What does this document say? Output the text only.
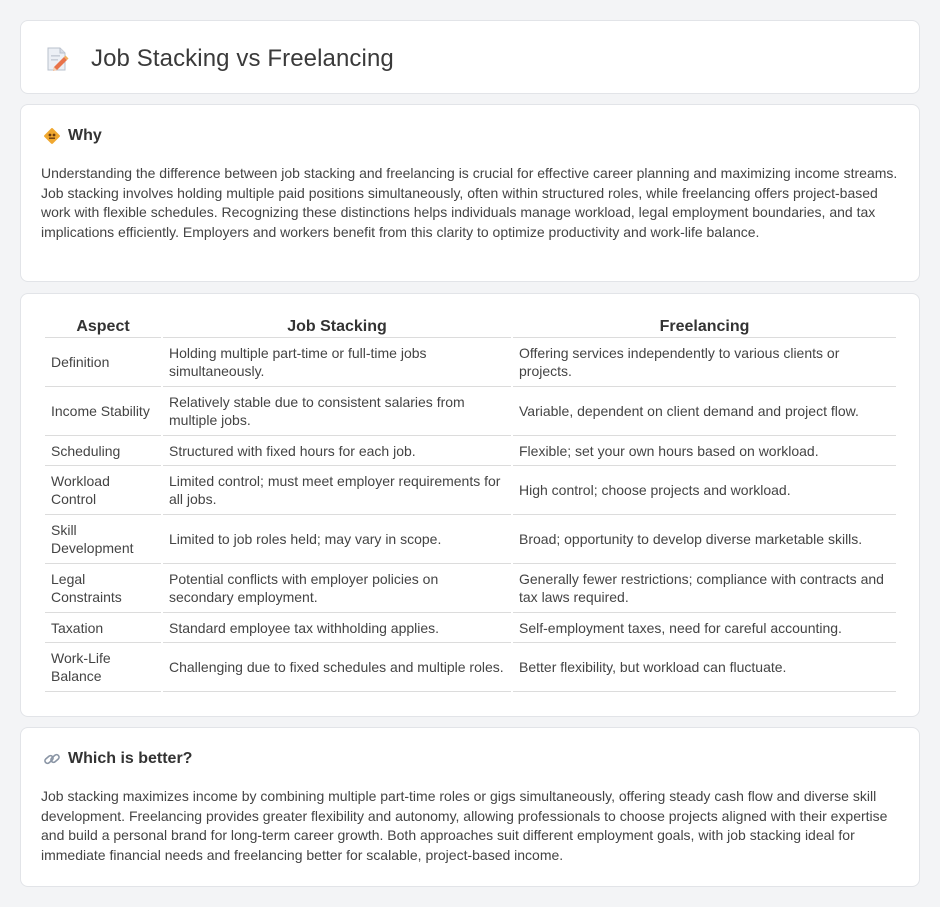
Job Stacking vs Freelancing
Why

Understanding the difference between job stacking and freelancing is crucial for effective career planning and maximizing income streams. Job stacking involves holding multiple paid positions simultaneously, often within structured roles, while freelancing offers project-based work with flexible schedules. Recognizing these distinctions helps individuals manage workload, legal employment boundaries, and tax implications efficiently. Employers and workers benefit from this clarity to optimize productivity and work-life balance.

Aspect	Job Stacking	Freelancing
Definition	Holding multiple part-time or full-time jobs simultaneously.	Offering services independently to various clients or projects.
Income Stability	Relatively stable due to consistent salaries from multiple jobs.	Variable, dependent on client demand and project flow.
Scheduling	Structured with fixed hours for each job.	Flexible; set your own hours based on workload.
Workload Control	Limited control; must meet employer requirements for all jobs.	High control; choose projects and workload.
Skill Development	Limited to job roles held; may vary in scope.	Broad; opportunity to develop diverse marketable skills.
Legal Constraints	Potential conflicts with employer policies on secondary employment.	Generally fewer restrictions; compliance with contracts and tax laws required.
Taxation	Standard employee tax withholding applies.	Self-employment taxes, need for careful accounting.
Work-Life Balance	Challenging due to fixed schedules and multiple roles.	Better flexibility, but workload can fluctuate.
Which is better?

Job stacking maximizes income by combining multiple part-time roles or gigs simultaneously, offering steady cash flow and diverse skill development. Freelancing provides greater flexibility and autonomy, allowing professionals to choose projects aligned with their expertise and build a personal brand for long-term career growth. Both approaches suit different employment goals, with job stacking ideal for immediate financial needs and freelancing better for scalable, project-based income.
